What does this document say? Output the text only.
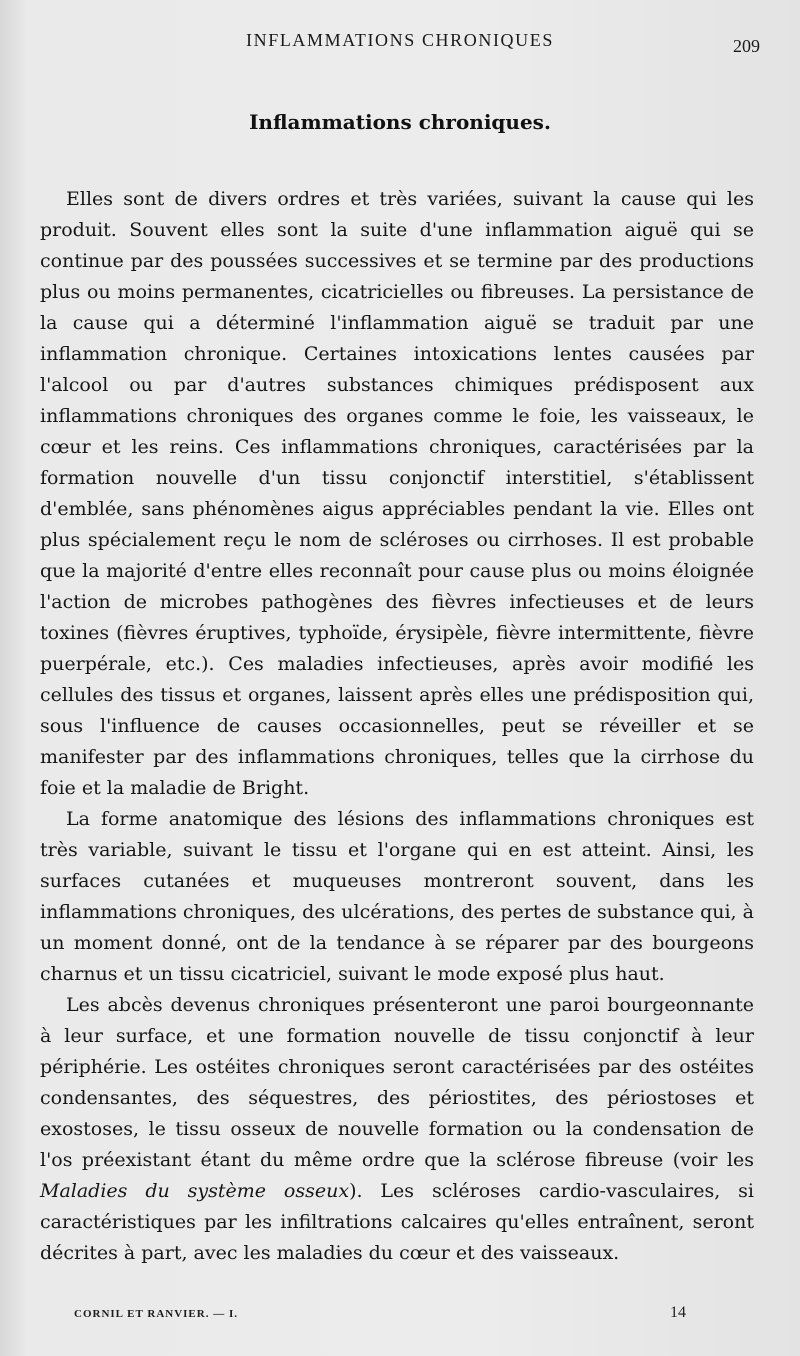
INFLAMMATIONS CHRONIQUES	209
Inflammations chroniques.

Elles sont de divers ordres et très variées, suivant la cause qui les produit. Souvent elles sont la suite d'une inflammation aiguë qui se continue par des poussées successives et se termine par des productions plus ou moins permanentes, cicatricielles ou fibreuses. La persistance de la cause qui a déterminé l'inflammation aiguë se traduit par une inflammation chronique. Certaines intoxications lentes causées par l'alcool ou par d'autres substances chimiques prédisposent aux inflammations chroniques des organes comme le foie, les vaisseaux, le cœur et les reins. Ces inflammations chroniques, caractérisées par la formation nouvelle d'un tissu conjonctif interstitiel, s'établissent d'emblée, sans phénomènes aigus appréciables pendant la vie. Elles ont plus spécialement reçu le nom de scléroses ou cirrhoses. Il est probable que la majorité d'entre elles reconnaît pour cause plus ou moins éloignée l'action de microbes pathogènes des fièvres infectieuses et de leurs toxines (fièvres éruptives, typhoïde, érysipèle, fièvre intermittente, fièvre puerpérale, etc.). Ces maladies infectieuses, après avoir modifié les cellules des tissus et organes, laissent après elles une prédisposition qui, sous l'influence de causes occasionnelles, peut se réveiller et se manifester par des inflammations chroniques, telles que la cirrhose du foie et la maladie de Bright.

La forme anatomique des lésions des inflammations chroniques est très variable, suivant le tissu et l'organe qui en est atteint. Ainsi, les surfaces cutanées et muqueuses montreront souvent, dans les inflammations chroniques, des ulcérations, des pertes de substance qui, à un moment donné, ont de la tendance à se réparer par des bourgeons charnus et un tissu cicatriciel, suivant le mode exposé plus haut.

Les abcès devenus chroniques présenteront une paroi bourgeonnante à leur surface, et une formation nouvelle de tissu conjonctif à leur périphérie. Les ostéites chroniques seront caractérisées par des ostéites condensantes, des séquestres, des périostites, des périostoses et exostoses, le tissu osseux de nouvelle formation ou la condensation de l'os préexistant étant du même ordre que la sclérose fibreuse (voir les Maladies du système osseux). Les scléroses cardio-vasculaires, si caractéristiques par les infiltrations calcaires qu'elles entraînent, seront décrites à part, avec les maladies du cœur et des vaisseaux.

CORNIL ET RANVIER. — I.	14
